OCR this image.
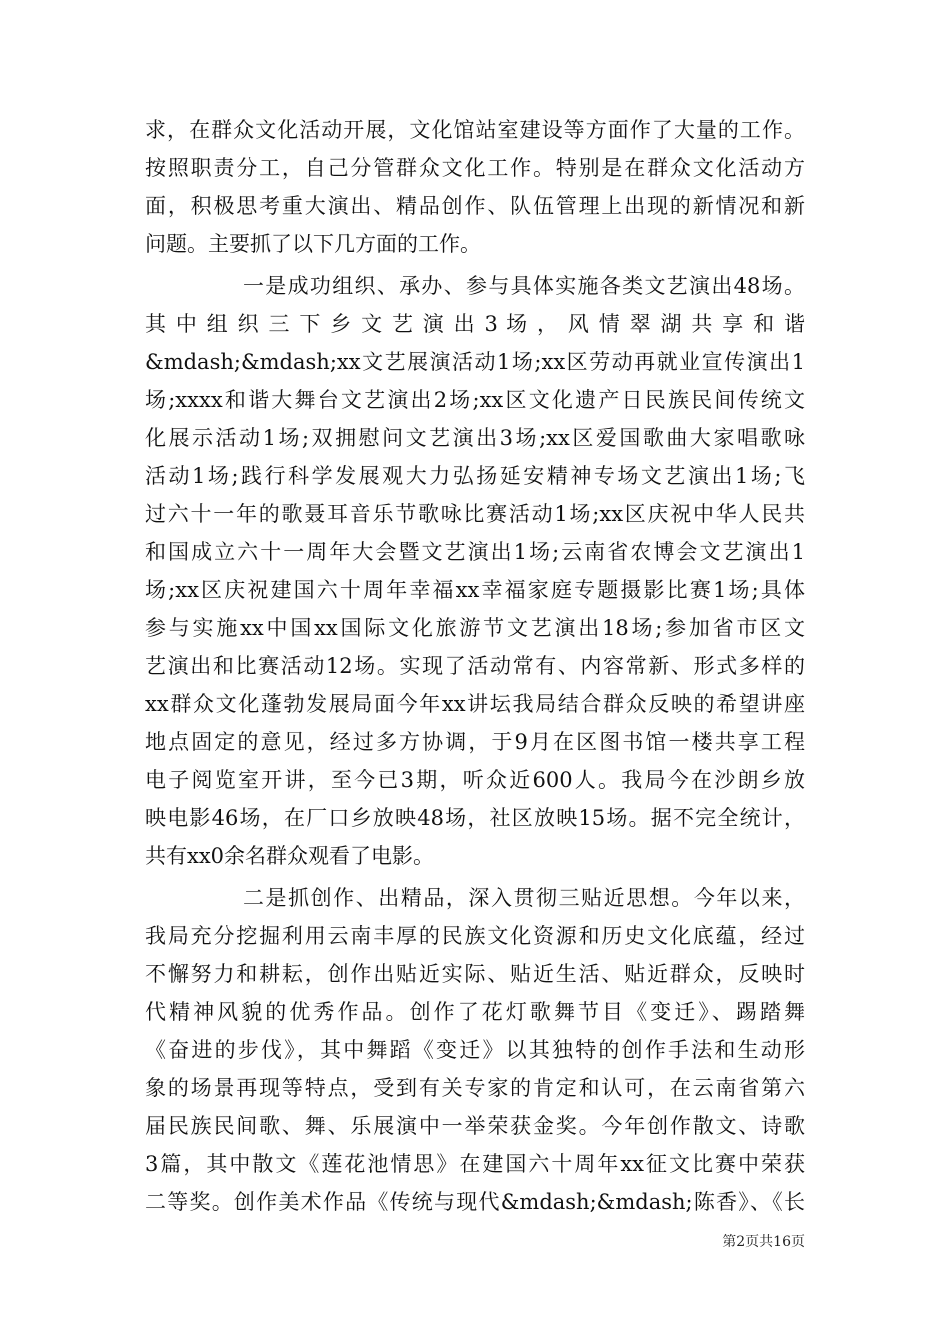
求，在群众文化活动开展，文化馆站室建设等方面作了大量的工作。
按照职责分工，自己分管群众文化工作。特别是在群众文化活动方
面，积极思考重大演出、精品创作、队伍管理上出现的新情况和新
问题。主要抓了以下几方面的工作。
一是成功组织、承办、参与具体实施各类文艺演出48场。
其 中 组 织 三 下 乡 文 艺 演 出 3 场 ， 风 情 翠 湖 共 享 和 谐
&mdash;&mdash;xx文艺展演活动1场;xx区劳动再就业宣传演出1
场;xxxx和谐大舞台文艺演出2场;xx区文化遗产日民族民间传统文
化展示活动1场;双拥慰问文艺演出3场;xx区爱国歌曲大家唱歌咏
活动1场;践行科学发展观大力弘扬延安精神专场文艺演出1场;飞
过六十一年的歌聂耳音乐节歌咏比赛活动1场;xx区庆祝中华人民共
和国成立六十一周年大会暨文艺演出1场;云南省农博会文艺演出1
场;xx区庆祝建国六十周年幸福xx幸福家庭专题摄影比赛1场;具体
参与实施xx中国xx国际文化旅游节文艺演出18场;参加省市区文
艺演出和比赛活动12场。实现了活动常有、内容常新、形式多样的
xx群众文化蓬勃发展局面今年xx讲坛我局结合群众反映的希望讲座
地点固定的意见，经过多方协调，于9月在区图书馆一楼共享工程
电子阅览室开讲，至今已3期，听众近600人。我局今在沙朗乡放
映电影46场，在厂口乡放映48场，社区放映15场。据不完全统计，
共有xx0余名群众观看了电影。
二是抓创作、出精品，深入贯彻三贴近思想。今年以来，
我局充分挖掘利用云南丰厚的民族文化资源和历史文化底蕴，经过
不懈努力和耕耘，创作出贴近实际、贴近生活、贴近群众，反映时
代精神风貌的优秀作品。创作了花灯歌舞节目《变迁》、踢踏舞
《奋进的步伐》，其中舞蹈《变迁》以其独特的创作手法和生动形
象的场景再现等特点，受到有关专家的肯定和认可，在云南省第六
届民族民间歌、舞、乐展演中一举荣获金奖。今年创作散文、诗歌
3篇，其中散文《莲花池情思》在建国六十周年xx征文比赛中荣获
二等奖。创作美术作品《传统与现代&mdash;&mdash;陈香》、《长
第2页共16页
